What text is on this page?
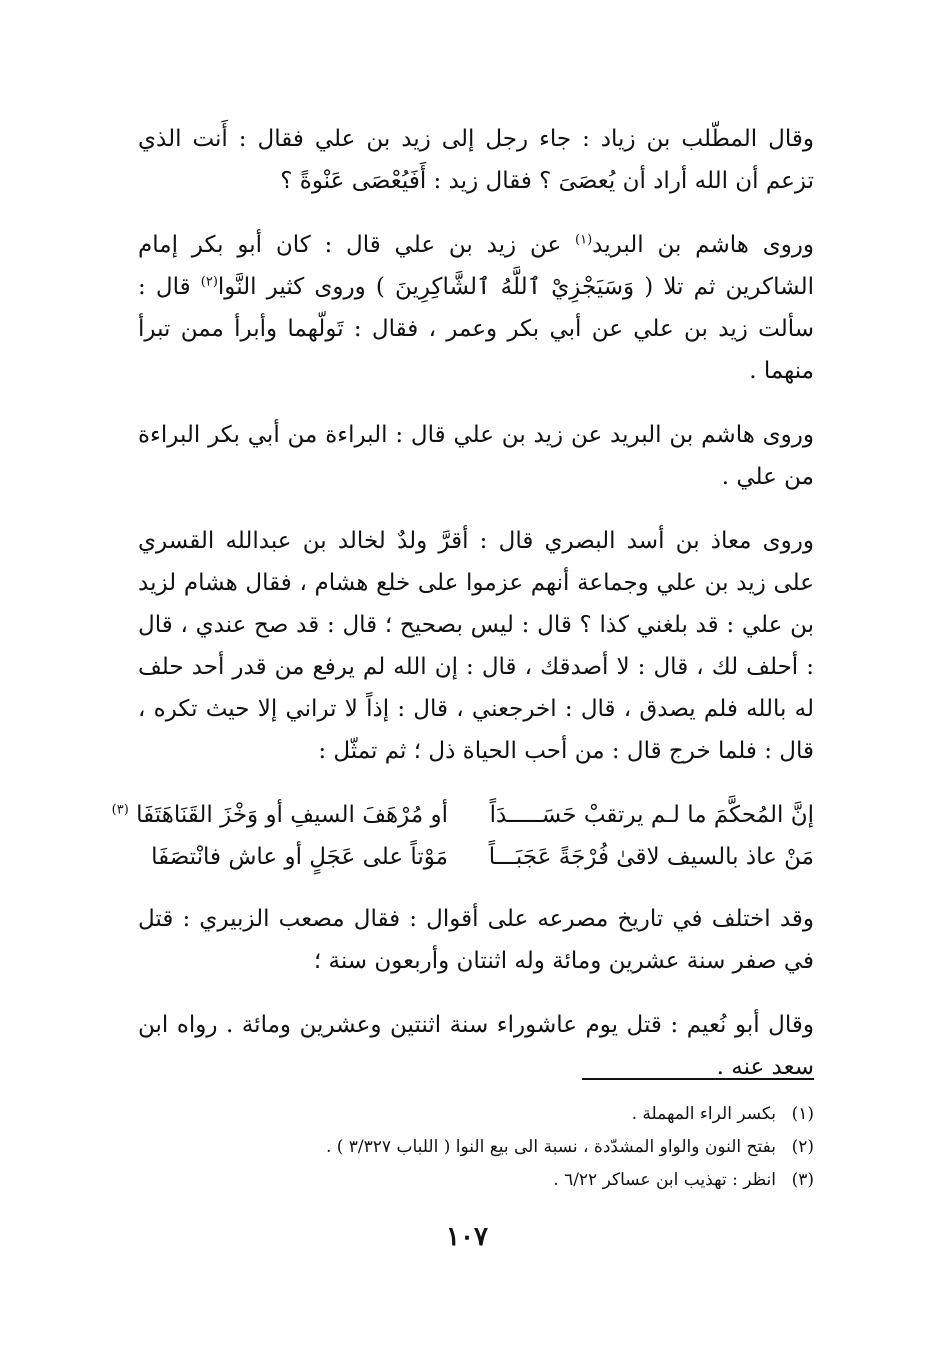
وقال المطّلب بن زياد : جاء رجل إلى زيد بن علي فقال : أَنت الذي تزعم أن الله أراد أن يُعصَىَ ؟ فقال زيد : أَفَيُعْصَى عَنْوةً ؟

وروى هاشم بن البريد$^{(١)}$ عن زيد بن علي قال : كان أبو بكر إمام الشاكرين ثم تلا ( وَسَيَجْزِيْ ٱللَّهُ ٱلشَّاكِرِينَ ) وروى كثير النَّوا$^{(٢)}$ قال : سألت زيد بن علي عن أبي بكر وعمر ، فقال : تَولّهما وأبرأ ممن تبرأ منهما .

وروى هاشم بن البريد عن زيد بن علي قال : البراءة من أبي بكر البراءة من علي .

وروى معاذ بن أسد البصري قال : أقرَّ ولدٌ لخالد بن عبدالله القسري على زيد بن علي وجماعة أنهم عزموا على خلع هشام ، فقال هشام لزيد بن علي : قد بلغني كذا ؟ قال : ليس بصحيح ؛ قال : قد صح عندي ، قال : أحلف لك ، قال : لا أصدقك ، قال : إن الله لم يرفع من قدر أحد حلف له بالله فلم يصدق ، قال : اخرجعني ، قال : إذاً لا تراني إلا حيث تكره ، قال : فلما خرج قال : من أحب الحياة ذل ؛ ثم تمثّل :

إنَّ المُحكَّمَ ما لـم يرتقبْ حَسَـــــدَاً
أو مُرْهَفَ السيفِ أو وَخْزَ القَنَاهَتَفَا $^{(٣)}$
مَنْ عاذ بالسيف لاقىٰ فُرْجَةً عَجَبَـــاً
مَوْتاً على عَجَلٍ أو عاش فانْتصَفَا

وقد اختلف في تاريخ مصرعه على أقوال : فقال مصعب الزبيري : قتل في صفر سنة عشرين ومائة وله اثنتان وأربعون سنة ؛

وقال أبو نُعيم : قتل يوم عاشوراء سنة اثنتين وعشرين ومائة . رواه ابن سعد عنه .

(١)بكسر الراء المهملة .
(٢)بفتح النون والواو المشدّدة ، نسبة الى بيع النوا ( اللباب ٣/٣٢٧ ) .
(٣)انظر : تهذيب ابن عساكر ٦/٢٢ .
١٠٧
